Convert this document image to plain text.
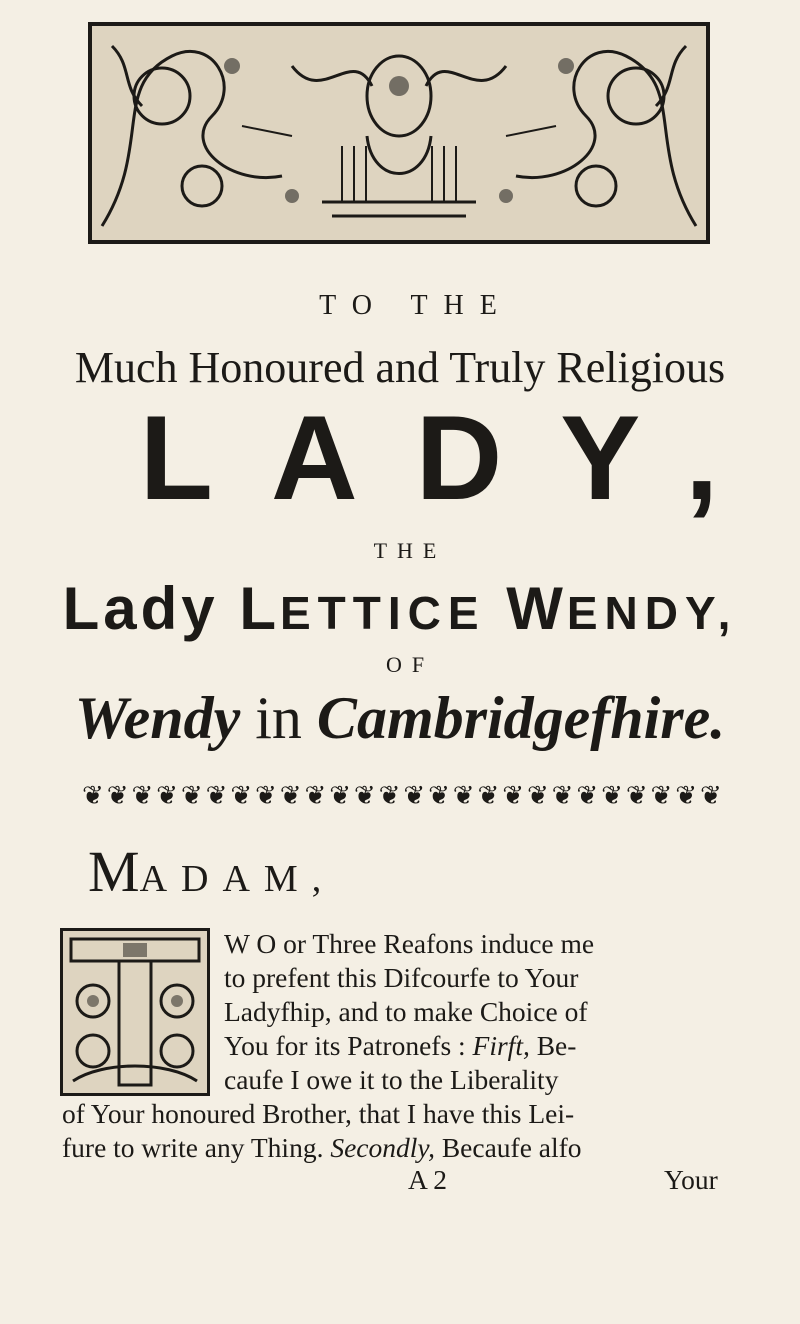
TO THE
Much Honoured and Truly Religious
LADY,
THE
Lady LETTICE WENDY,
OF
Wendy in Cambridgefhire.
❦ ❦ ❦ ❦ ❦ ❦ ❦ ❦ ❦ ❦ ❦ ❦ ❦ ❦ ❦ ❦ ❦ ❦ ❦ ❦ ❦ ❦ ❦ ❦ ❦ ❦
MADAM,
W O or Three Reafons induce me
to prefent this Difcourfe to Your
Ladyfhip, and to make Choice of
You for its Patronefs : Firft, Be-
caufe I owe it to the Liberality
of Your honoured Brother, that I have this Lei-
fure to write any Thing. Secondly, Becaufe alfo
A 2	Your
